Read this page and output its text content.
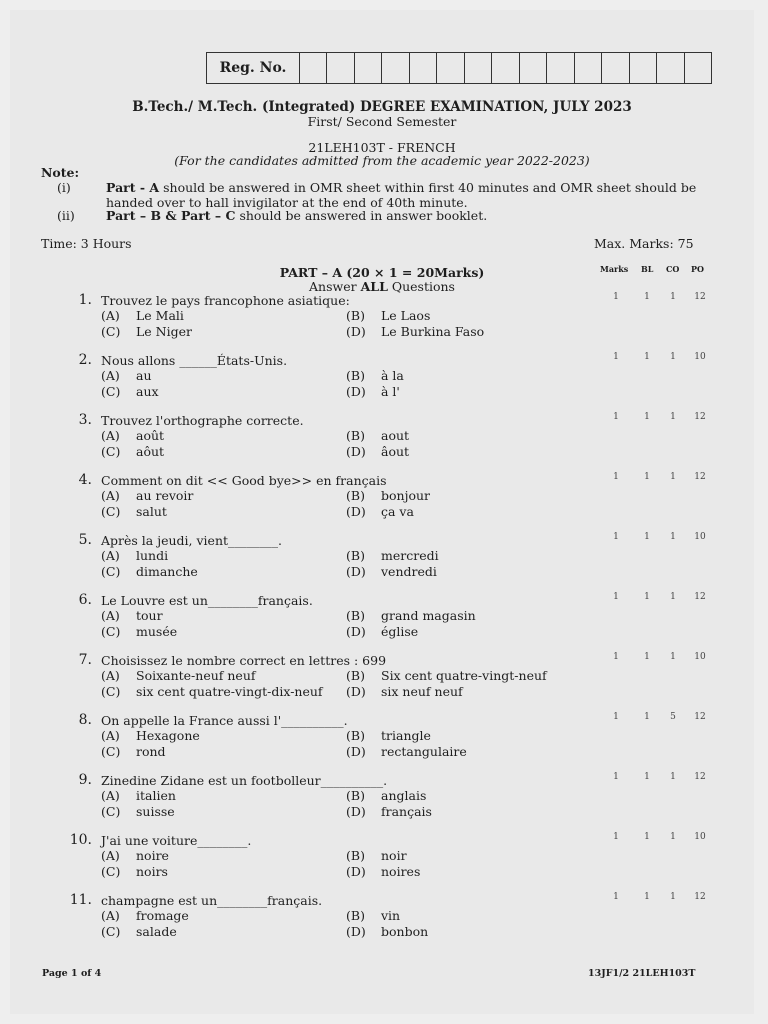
Reg. No.
B.Tech./ M.Tech. (Integrated) DEGREE EXAMINATION, JULY 2023
First/ Second Semester
21LEH103T - FRENCH
(For the candidates admitted from the academic year 2022-2023)
Note:
(i)	Part - A should be answered in OMR sheet within first 40 minutes and OMR sheet should be handed over to hall invigilator at the end of 40th minute.
(ii)	Part – B & Part – C should be answered in answer booklet.
Time: 3 Hours	Max. Marks: 75
PART – A (20 × 1 = 20Marks)
Answer ALL Questions
Marks BL CO PO
1. Trouvez le pays francophone asiatique:
(A) Le Mali	(B) Le Laos
(C) Le Niger	(D) Le Burkina Faso
1	1	1	12
2. Nous allons ______États-Unis.
(A) au	(B) à la
(C) aux	(D) à l'
1	1	1	10
3. Trouvez l'orthographe correcte.
(A) août	(B) aout
(C) aôut	(D) âout
1	1	1	12
4. Comment on dit << Good bye>> en français
(A) au revoir	(B) bonjour
(C) salut	(D) ça va
1	1	1	12
5. Après la jeudi, vient________.
(A) lundi	(B) mercredi
(C) dimanche	(D) vendredi
1	1	1	10
6. Le Louvre est un________français.
(A) tour	(B) grand magasin
(C) musée	(D) église
1	1	1	12
7. Choisissez le nombre correct en lettres : 699
(A) Soixante-neuf neuf	(B) Six cent quatre-vingt-neuf
(C) six cent quatre-vingt-dix-neuf (D) six neuf neuf
1	1	1	10
8. On appelle la France aussi l'__________.
(A) Hexagone	(B) triangle
(C) rond	(D) rectangulaire
1	1	5	12
9. Zinedine Zidane est un footbolleur__________.
(A) italien	(B) anglais
(C) suisse	(D) français
1	1	1	12
10. J'ai une voiture________.
(A) noire	(B) noir
(C) noirs	(D) noires
1	1	1	10
11. champagne est un________français.
(A) fromage	(B) vin
(C) salade	(D) bonbon
1	1	1	12
Page 1 of 4	13JF1/2 21LEH103T
